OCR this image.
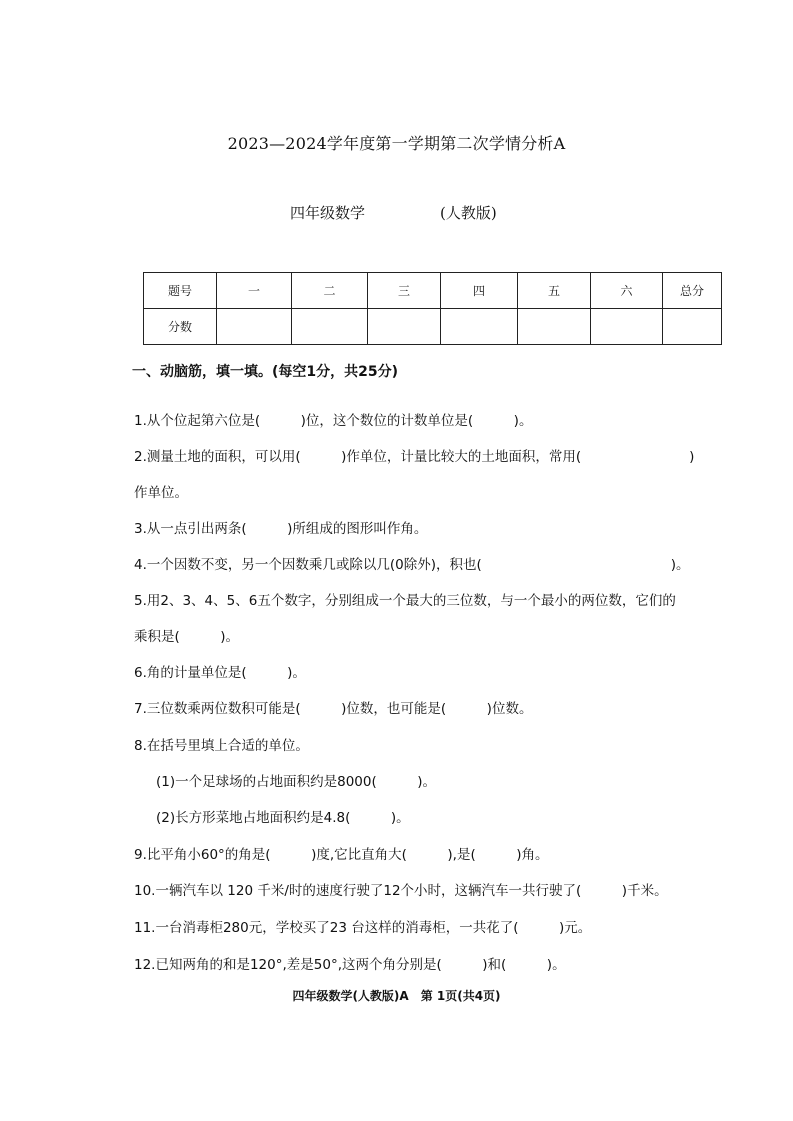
2023—2024学年度第一学期第二次学情分析A
四年级数学	(人教版)
题号	一	二	三	四	五	六	总分
分数							
一、动脑筋，填一填。(每空1分，共25分)
1.从个位起第六位是(　　　)位，这个数位的计数单位是(　　　)。
2.测量土地的面积，可以用(　　　)作单位，计量比较大的土地面积，常用(　　　　　　　　)
作单位。
3.从一点引出两条(　　　)所组成的图形叫作角。
4.一个因数不变，另一个因数乘几或除以几(0除外)，积也(　　　　　　　　　　　　　　)。
5.用2、3、4、5、6五个数字，分别组成一个最大的三位数，与一个最小的两位数，它们的
乘积是(　　　)。
6.角的计量单位是(　　　)。
7.三位数乘两位数积可能是(　　　)位数，也可能是(　　　)位数。
8.在括号里填上合适的单位。
(1)一个足球场的占地面积约是8000(　　　)。
(2)长方形菜地占地面积约是4.8(　　　)。
9.比平角小60°的角是(　　　)度,它比直角大(　　　),是(　　　)角。
10.一辆汽车以 120 千米/时的速度行驶了12个小时，这辆汽车一共行驶了(　　　)千米。
11.一台消毒柜280元，学校买了23 台这样的消毒柜，一共花了(　　　)元。
12.已知两角的和是120°,差是50°,这两个角分别是(　　　)和(　　　)。
四年级数学(人教版)A　第 1页(共4页)
